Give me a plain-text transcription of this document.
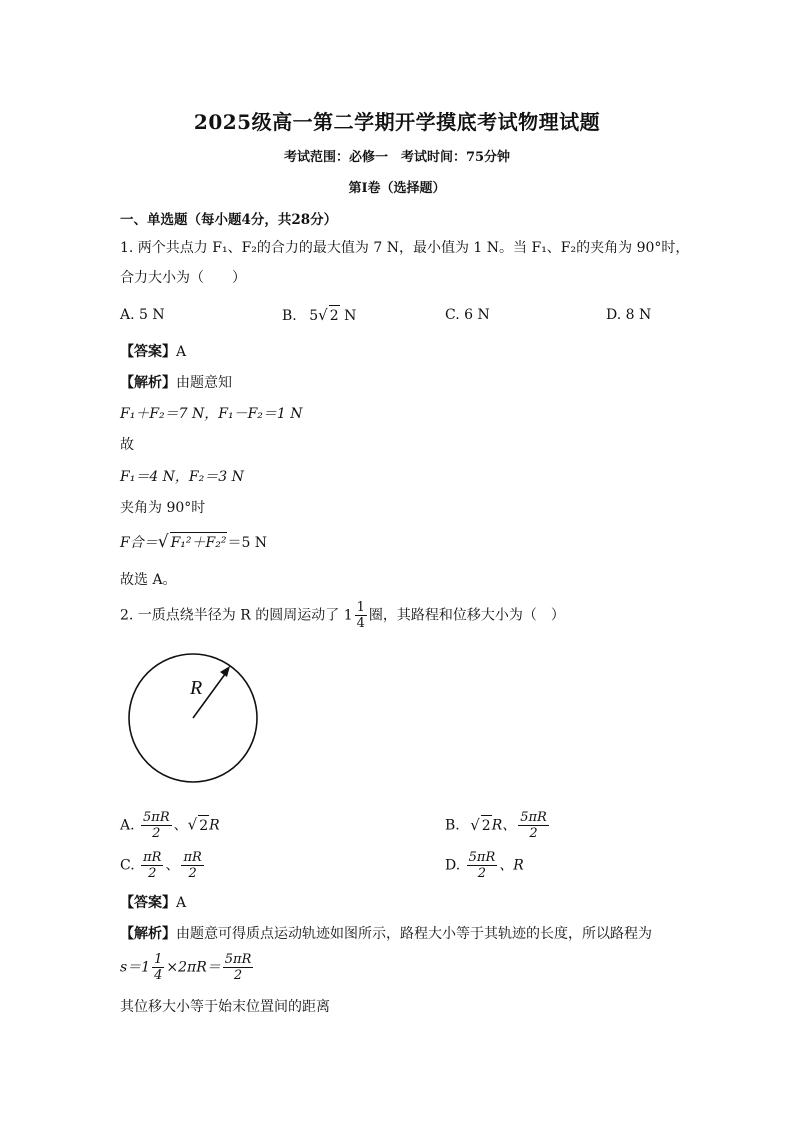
2025级高一第二学期开学摸底考试物理试题
考试范围：必修一　考试时间：75分钟
第Ⅰ卷（选择题）
一、单选题（每小题4分，共28分）
1. 两个共点力 F₁、F₂的合力的最大值为 7 N，最小值为 1 N。当 F₁、F₂的夹角为 90°时，
合力大小为（　　）
A. 5 N	B. 5√ 2 N	C. 6 N	D. 8 N
【答案】A
【解析】由题意知
F₁＋F₂＝7 N，F₁－F₂＝1 N
故
F₁＝4 N，F₂＝3 N
夹角为 90°时
F合＝√ F₁²＋F₂²＝5 N
故选 A。
2. 一质点绕半径为 R 的圆周运动了 $1 \frac{1}{4}$ 圈，其路程和位移大小为（　）
R
A. $\frac{5\pi R}{2}$ 、√ 2R	B. √ 2R、 $\frac{5\pi R}{2}$
C. $\frac{\pi R}{2}$ 、 $\frac{\pi R}{2}$	D. $\frac{5\pi R}{2}$ 、R
【答案】A
【解析】由题意可得质点运动轨迹如图所示，路程大小等于其轨迹的长度，所以路程为
$s=1 \frac{1}{4} \times 2\pi R= \frac{5\pi R}{2}$
其位移大小等于始末位置间的距离
